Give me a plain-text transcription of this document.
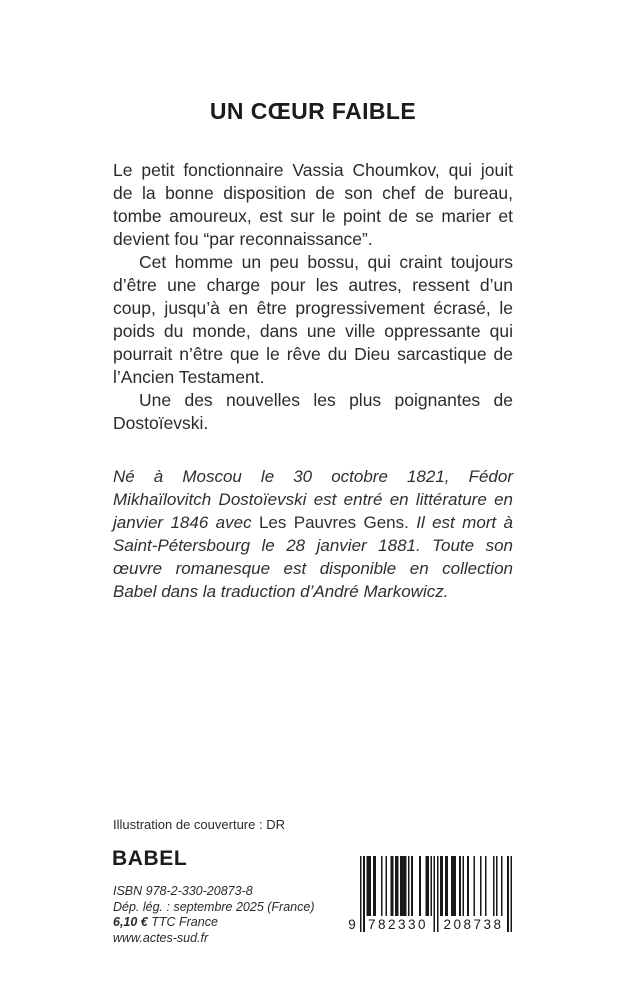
UN CŒUR FAIBLE

Le petit fonctionnaire Vassia Choumkov, qui jouit de la bonne disposition de son chef de bureau, tombe amoureux, est sur le point de se marier et devient fou “par reconnaissance”.

Cet homme un peu bossu, qui craint toujours d’être une charge pour les autres, ressent d’un coup, jusqu’à en être progressivement écrasé, le poids du monde, dans une ville oppressante qui pourrait n’être que le rêve du Dieu sarcastique de l’Ancien Testament.

Une des nouvelles les plus poignantes de Dostoïevski.

Né à Moscou le 30 octobre 1821, Fédor Mikhaïlovitch Dostoïevski est entré en littérature en janvier 1846 avec Les Pauvres Gens. Il est mort à Saint-Pétersbourg le 28 janvier 1881. Toute son œuvre romanesque est disponible en collection Babel dans la traduction d’André Markowicz.
Illustration de couverture : DR
BABEL
ISBN 978-2-330-20873-8
Dép. lég. : septembre 2025 (France)
6,10 € TTC France
www.actes-sud.fr
9 782330 208738
